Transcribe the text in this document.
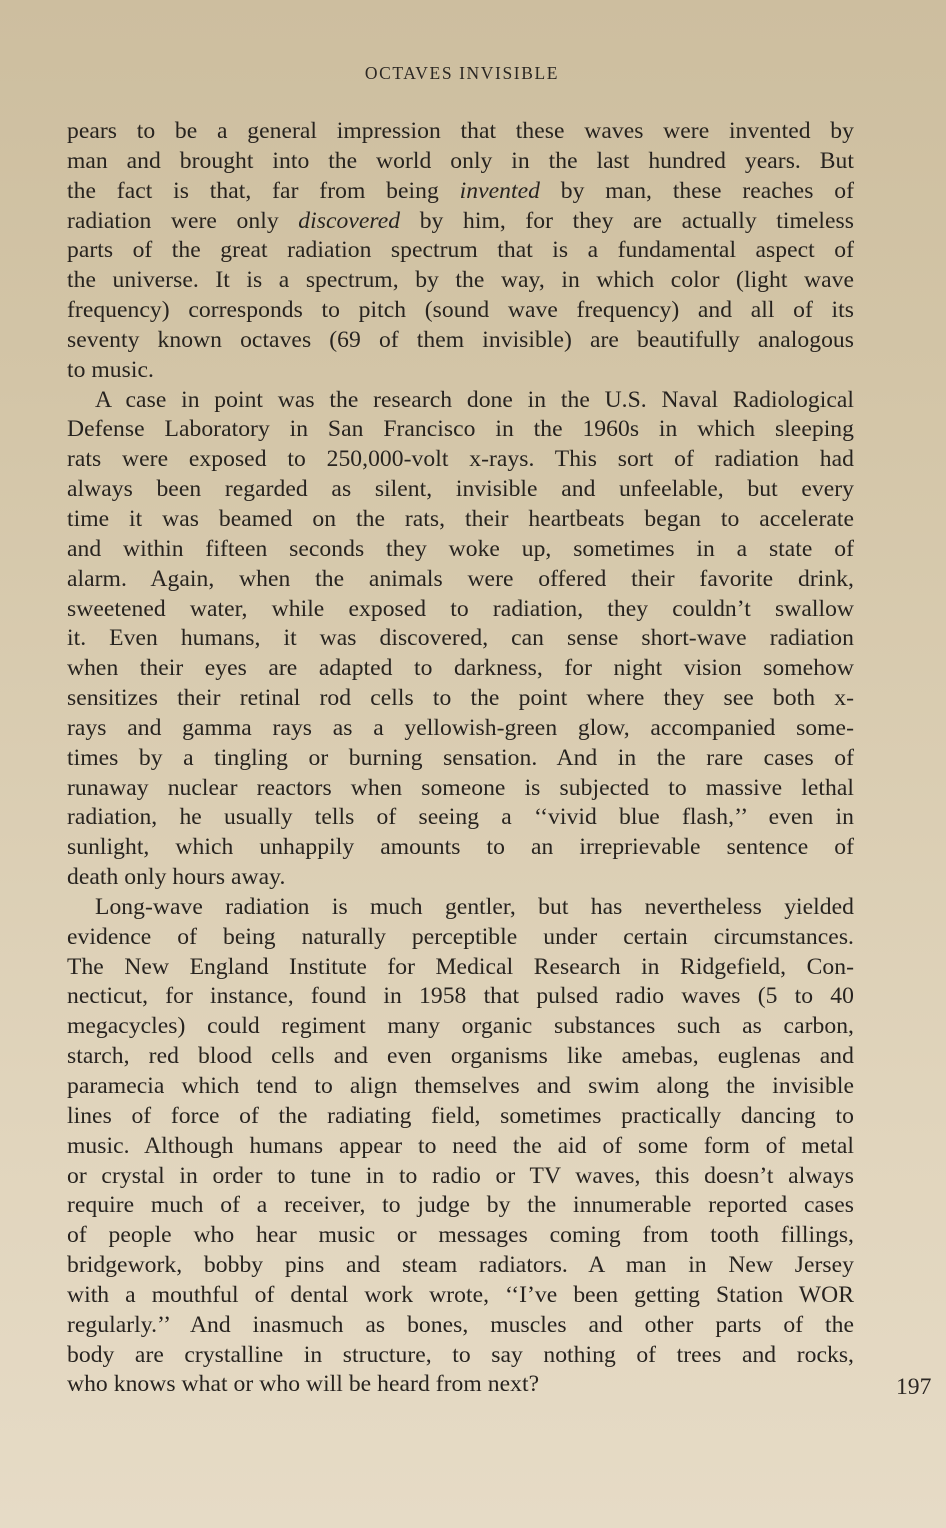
OCTAVES INVISIBLE
pears to be a general impression that these waves were invented by
man and brought into the world only in the last hundred years. But
the fact is that, far from being invented by man, these reaches of
radiation were only discovered by him, for they are actually timeless
parts of the great radiation spectrum that is a fundamental aspect of
the universe. It is a spectrum, by the way, in which color (light wave
frequency) corresponds to pitch (sound wave frequency) and all of its
seventy known octaves (69 of them invisible) are beautifully analogous
to music.
A case in point was the research done in the U.S. Naval Radiological
Defense Laboratory in San Francisco in the 1960s in which sleeping
rats were exposed to 250,000-volt x-rays. This sort of radiation had
always been regarded as silent, invisible and unfeelable, but every
time it was beamed on the rats, their heartbeats began to accelerate
and within fifteen seconds they woke up, sometimes in a state of
alarm. Again, when the animals were offered their favorite drink,
sweetened water, while exposed to radiation, they couldn’t swallow
it. Even humans, it was discovered, can sense short-wave radiation
when their eyes are adapted to darkness, for night vision somehow
sensitizes their retinal rod cells to the point where they see both x-
rays and gamma rays as a yellowish-green glow, accompanied some-
times by a tingling or burning sensation. And in the rare cases of
runaway nuclear reactors when someone is subjected to massive lethal
radiation, he usually tells of seeing a ‘‘vivid blue flash,’’ even in
sunlight, which unhappily amounts to an irreprievable sentence of
death only hours away.
Long-wave radiation is much gentler, but has nevertheless yielded
evidence of being naturally perceptible under certain circumstances.
The New England Institute for Medical Research in Ridgefield, Con-
necticut, for instance, found in 1958 that pulsed radio waves (5 to 40
megacycles) could regiment many organic substances such as carbon,
starch, red blood cells and even organisms like amebas, euglenas and
paramecia which tend to align themselves and swim along the invisible
lines of force of the radiating field, sometimes practically dancing to
music. Although humans appear to need the aid of some form of metal
or crystal in order to tune in to radio or TV waves, this doesn’t always
require much of a receiver, to judge by the innumerable reported cases
of people who hear music or messages coming from tooth fillings,
bridgework, bobby pins and steam radiators. A man in New Jersey
with a mouthful of dental work wrote, ‘‘I’ve been getting Station WOR
regularly.’’ And inasmuch as bones, muscles and other parts of the
body are crystalline in structure, to say nothing of trees and rocks,
who knows what or who will be heard from next?	197
